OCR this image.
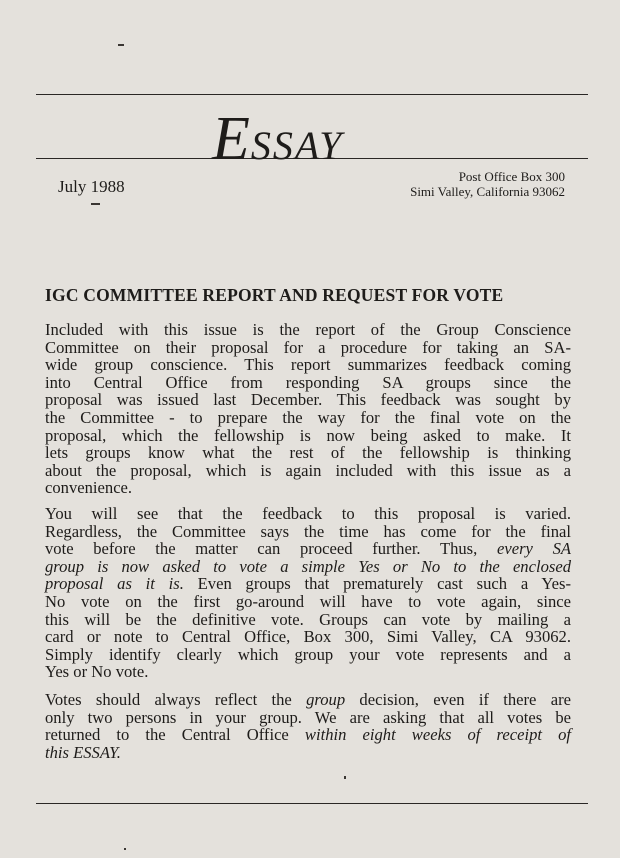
ESSAY
July 1988
Post Office Box 300
Simi Valley, California 93062
IGC COMMITTEE REPORT AND REQUEST FOR VOTE
Included with this issue is the report of the Group Conscience
Committee on their proposal for a procedure for taking an SA-
wide group conscience. This report summarizes feedback coming
into Central Office from responding SA groups since the
proposal was issued last December. This feedback was sought by
the Committee - to prepare the way for the final vote on the
proposal, which the fellowship is now being asked to make. It
lets groups know what the rest of the fellowship is thinking
about the proposal, which is again included with this issue as a
convenience.
You will see that the feedback to this proposal is varied.
Regardless, the Committee says the time has come for the final
vote before the matter can proceed further. Thus, every SA
group is now asked to vote a simple Yes or No to the enclosed
proposal as it is. Even groups that prematurely cast such a Yes-
No vote on the first go-around will have to vote again, since
this will be the definitive vote. Groups can vote by mailing a
card or note to Central Office, Box 300, Simi Valley, CA 93062.
Simply identify clearly which group your vote represents and a
Yes or No vote.
Votes should always reflect the group decision, even if there are
only two persons in your group. We are asking that all votes be
returned to the Central Office within eight weeks of receipt of
this ESSAY.
